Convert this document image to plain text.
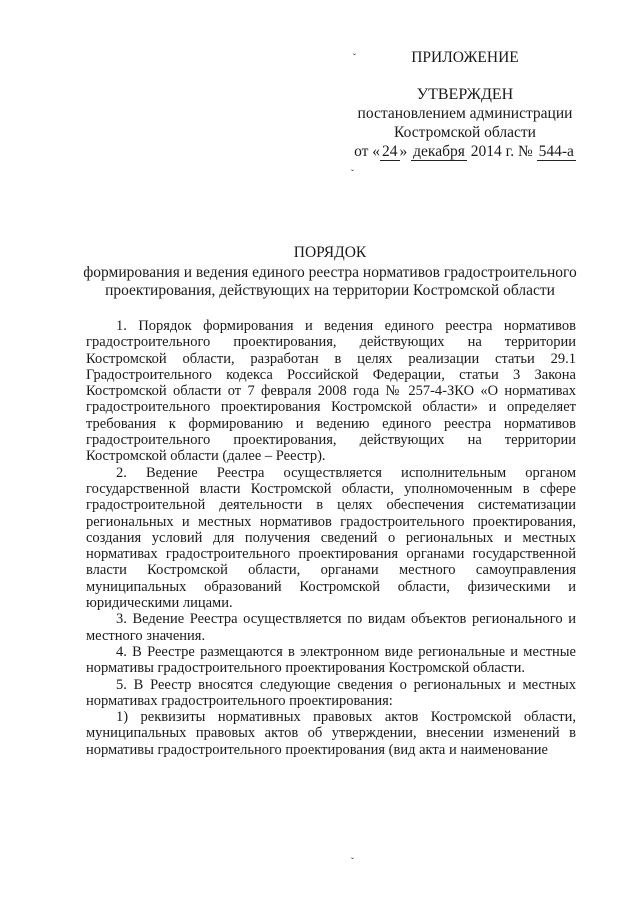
ˇ
ˇ
ˇ
ПРИЛОЖЕНИЕ
УТВЕРЖДЕН
постановлением администрации
Костромской области
от « 24 » декабря 2014 г. № 544-а
ПОРЯДОК
формирования и ведения единого реестра нормативов градостроительного
проектирования, действующих на территории Костромской области

1. Порядок формирования и ведения единого реестра нормативов градостроительного проектирования, действующих на территории Костромской области, разработан в целях реализации статьи 29.1 Градостроительного кодекса Российской Федерации, статьи 3 Закона Костромской области от 7 февраля 2008 года № 257-4-ЗКО «О нормативах градостроительного проектирования Костромской области» и определяет требования к формированию и ведению единого реестра нормативов градостроительного проектирования, действующих на территории Костромской области (далее – Реестр).

2. Ведение Реестра осуществляется исполнительным органом государственной власти Костромской области, уполномоченным в сфере градостроительной деятельности в целях обеспечения систематизации региональных и местных нормативов градостроительного проектирования, создания условий для получения сведений о региональных и местных нормативах градостроительного проектирования органами государственной власти Костромской области, органами местного самоуправления муниципальных образований Костромской области, физическими и юридическими лицами.

3. Ведение Реестра осуществляется по видам объектов регионального и местного значения.

4. В Реестре размещаются в электронном виде региональные и местные нормативы градостроительного проектирования Костромской области.

5. В Реестр вносятся следующие сведения о региональных и местных нормативах градостроительного проектирования:

1) реквизиты нормативных правовых актов Костромской области, муниципальных правовых актов об утверждении, внесении изменений в нормативы градостроительного проектирования (вид акта и наименование
